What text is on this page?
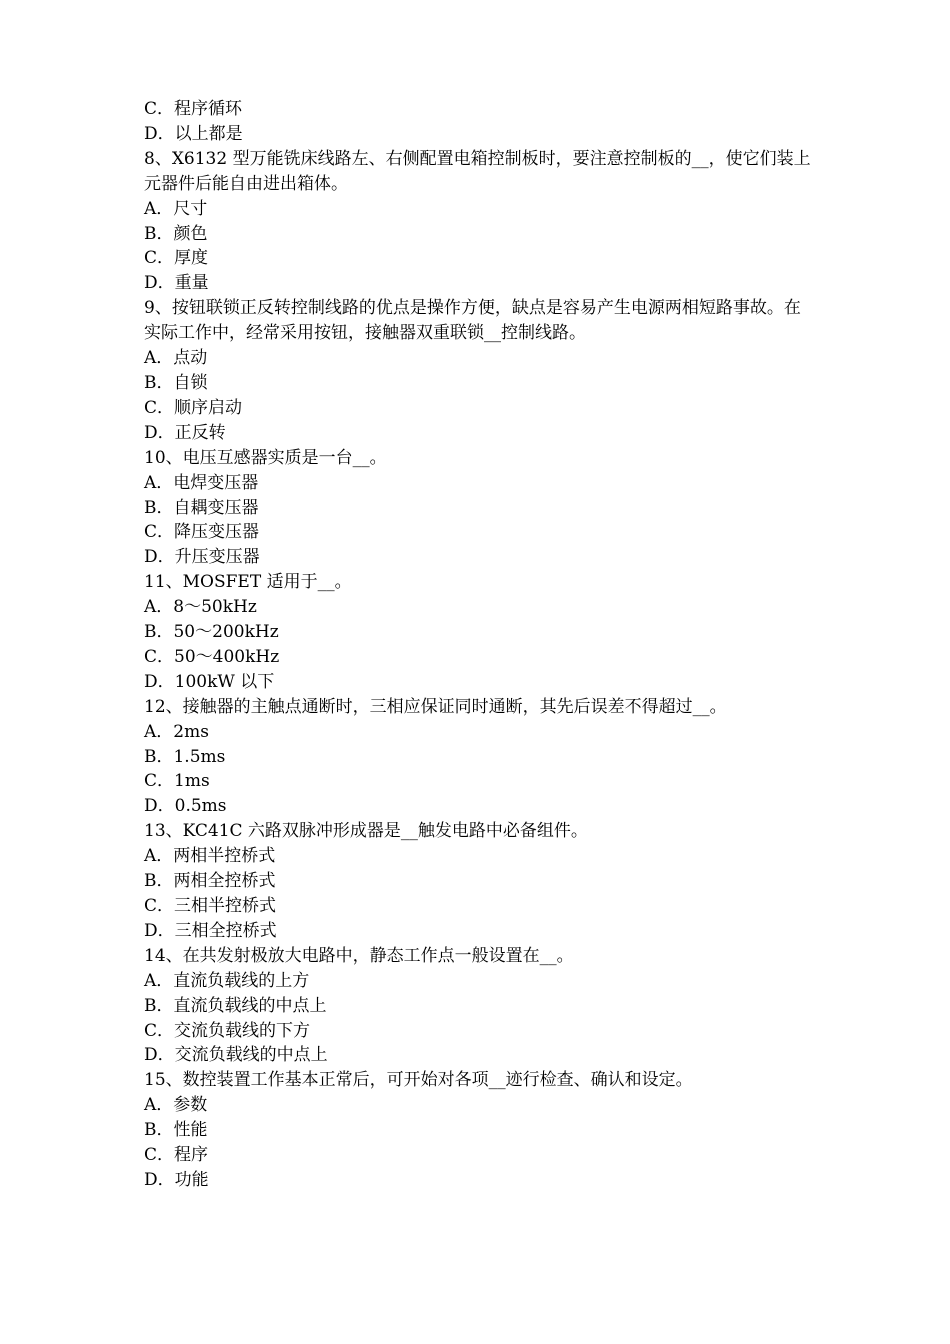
C．程序循环
D．以上都是
8、X6132 型万能铣床线路左、右侧配置电箱控制板时，要注意控制板的__，使它们装上元器件后能自由进出箱体。
A．尺寸
B．颜色
C．厚度
D．重量
9、按钮联锁正反转控制线路的优点是操作方便，缺点是容易产生电源两相短路事故。在实际工作中，经常采用按钮，接触器双重联锁__控制线路。
A．点动
B．自锁
C．顺序启动
D．正反转
10、电压互感器实质是一台__。
A．电焊变压器
B．自耦变压器
C．降压变压器
D．升压变压器
11、MOSFET 适用于__。
A．8～50kHz
B．50～200kHz
C．50～400kHz
D．100kW 以下
12、接触器的主触点通断时，三相应保证同时通断，其先后误差不得超过__。
A．2ms
B．1.5ms
C．1ms
D．0.5ms
13、KC41C 六路双脉冲形成器是__触发电路中必备组件。
A．两相半控桥式
B．两相全控桥式
C．三相半控桥式
D．三相全控桥式
14、在共发射极放大电路中，静态工作点一般设置在__。
A．直流负载线的上方
B．直流负载线的中点上
C．交流负载线的下方
D．交流负载线的中点上
15、数控装置工作基本正常后，可开始对各项__迹行检查、确认和设定。
A．参数
B．性能
C．程序
D．功能
